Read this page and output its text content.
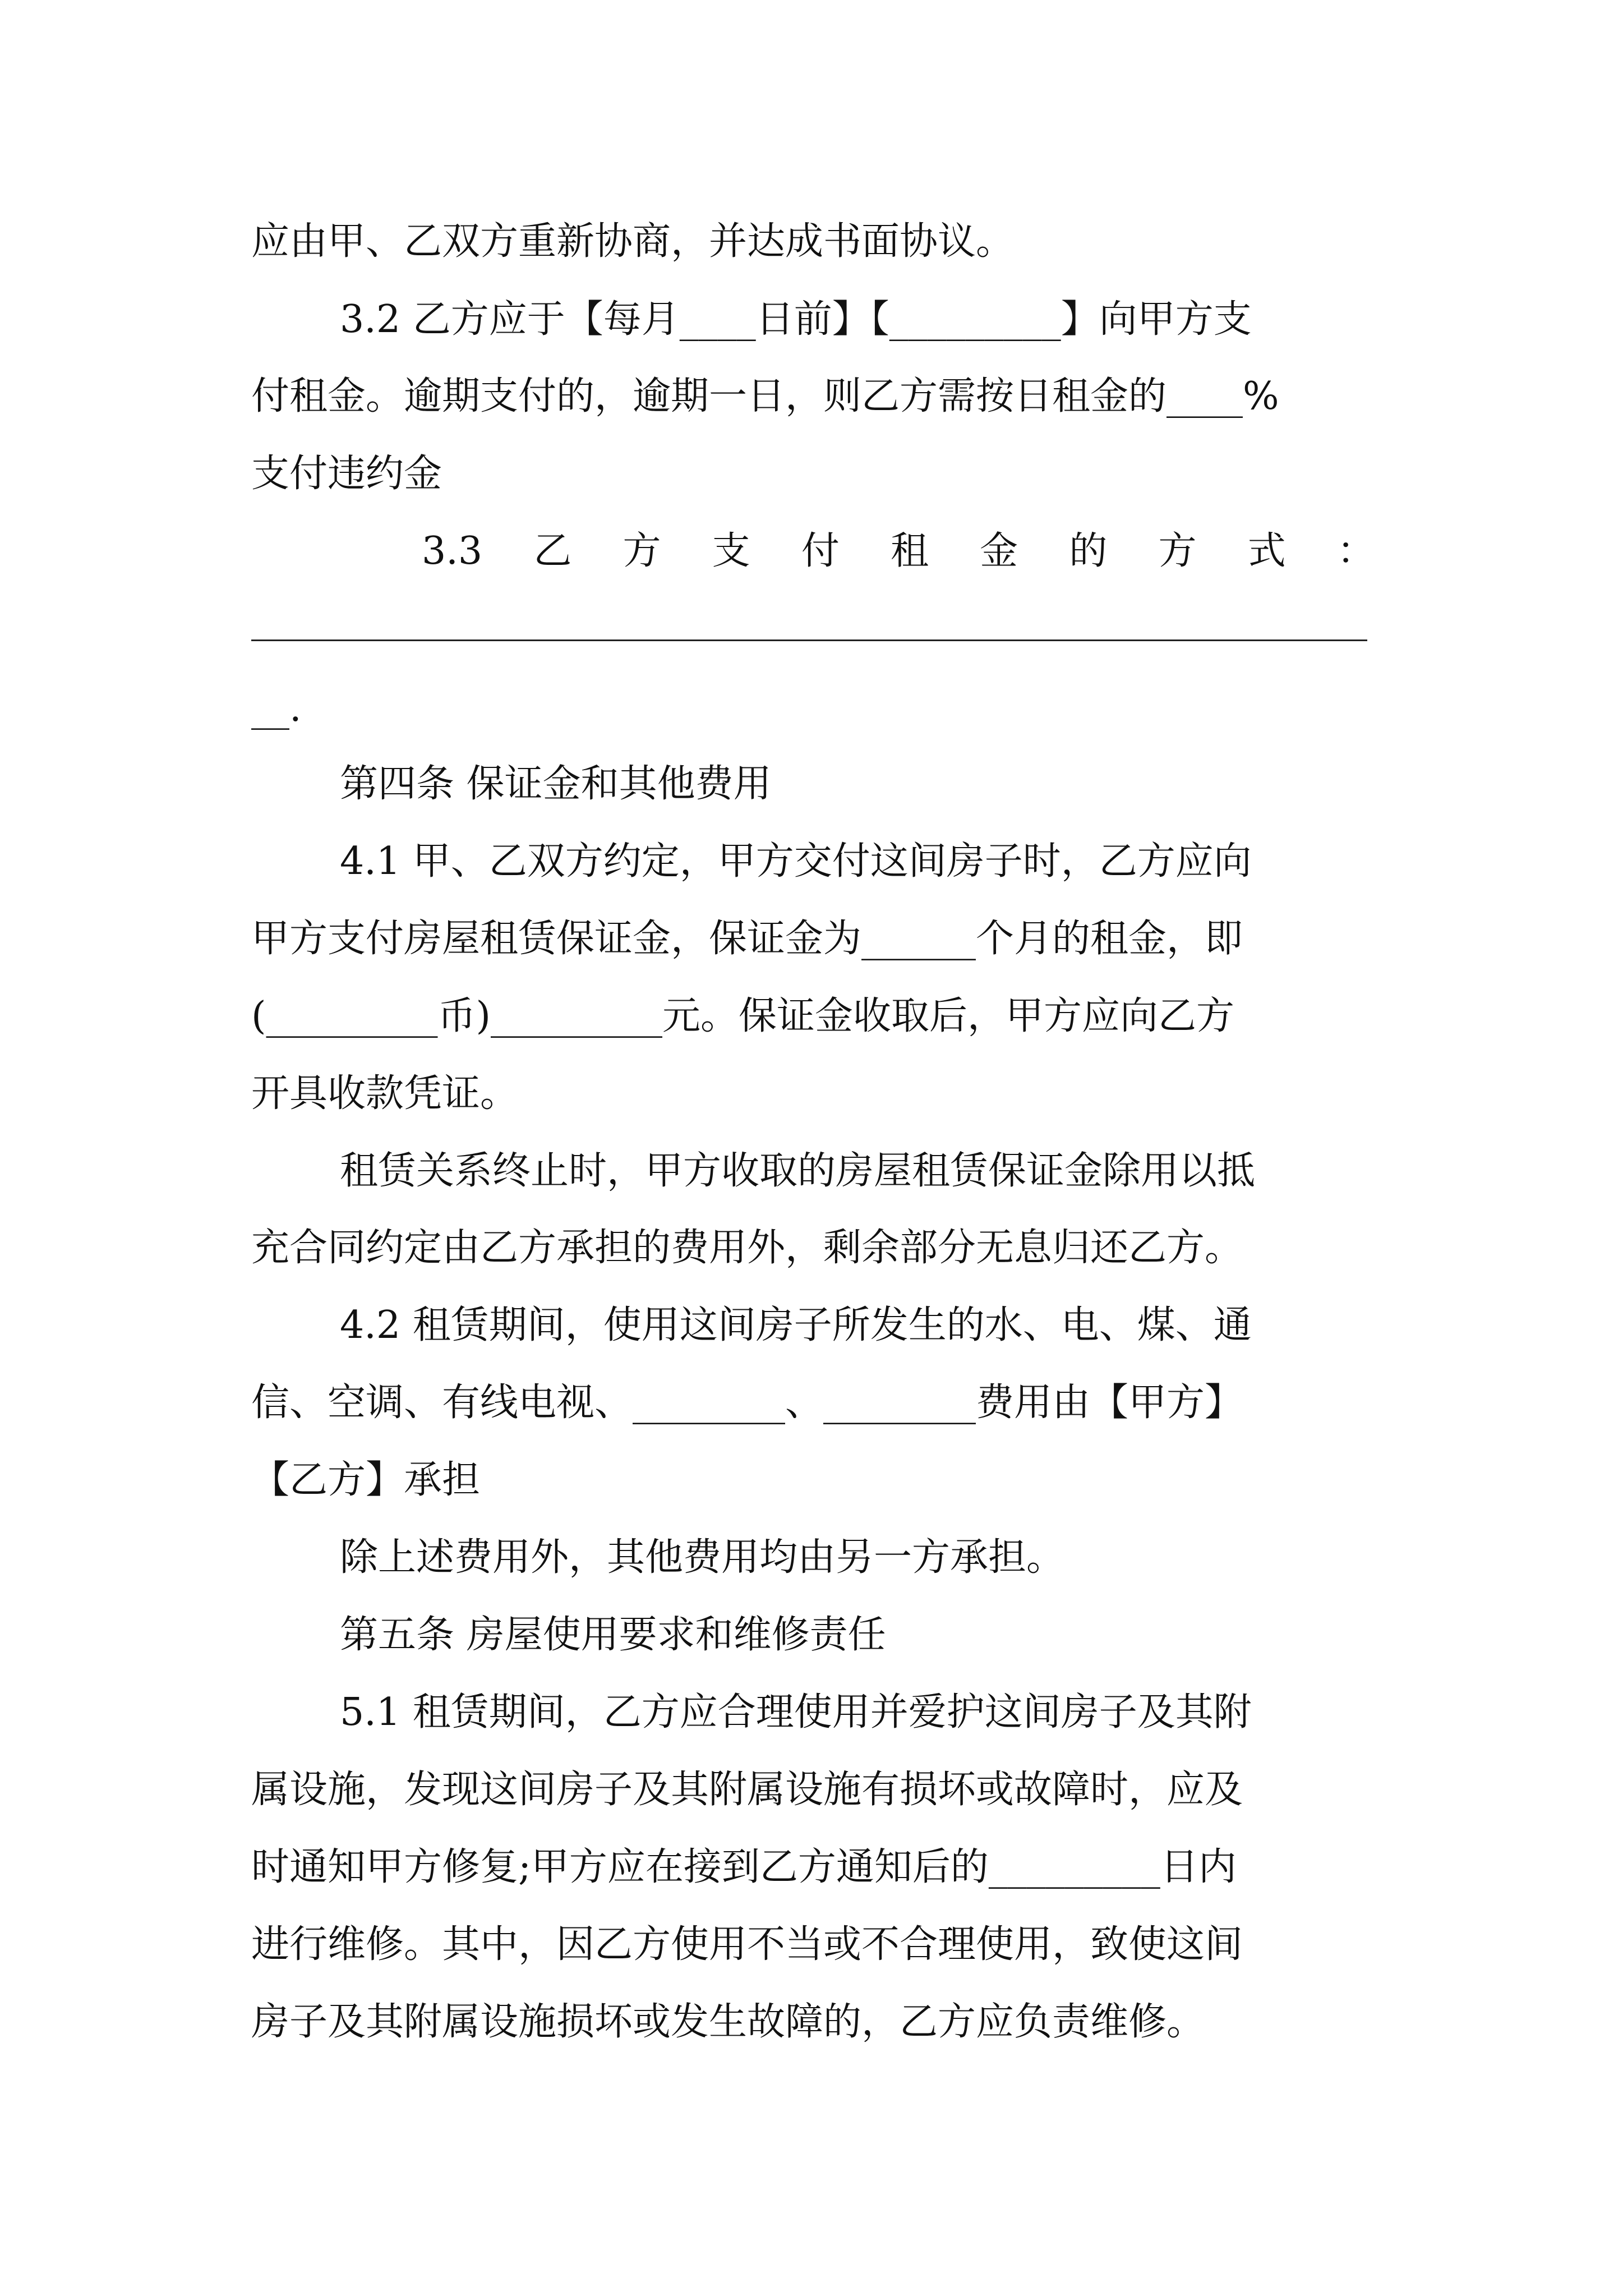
应由甲、乙双方重新协商，并达成书面协议。
3.2 乙方应于【每月____日前】【_________】向甲方支
付租金。逾期支付的，逾期一日，则乙方需按日租金的____%
支付违约金
3.3 乙 方 支 付 租 金 的 方 式 ：
__.
第四条 保证金和其他费用
4.1 甲、乙双方约定，甲方交付这间房子时，乙方应向
甲方支付房屋租赁保证金，保证金为______个月的租金，即
(_________币)_________元。保证金收取后，甲方应向乙方
开具收款凭证。
租赁关系终止时，甲方收取的房屋租赁保证金除用以抵
充合同约定由乙方承担的费用外，剩余部分无息归还乙方。
4.2 租赁期间，使用这间房子所发生的水、电、煤、通
信、空调、有线电视、________、________费用由【甲方】
【乙方】承担
除上述费用外，其他费用均由另一方承担。
第五条 房屋使用要求和维修责任
5.1 租赁期间，乙方应合理使用并爱护这间房子及其附
属设施，发现这间房子及其附属设施有损坏或故障时，应及
时通知甲方修复;甲方应在接到乙方通知后的_________日内
进行维修。其中，因乙方使用不当或不合理使用，致使这间
房子及其附属设施损坏或发生故障的，乙方应负责维修。
